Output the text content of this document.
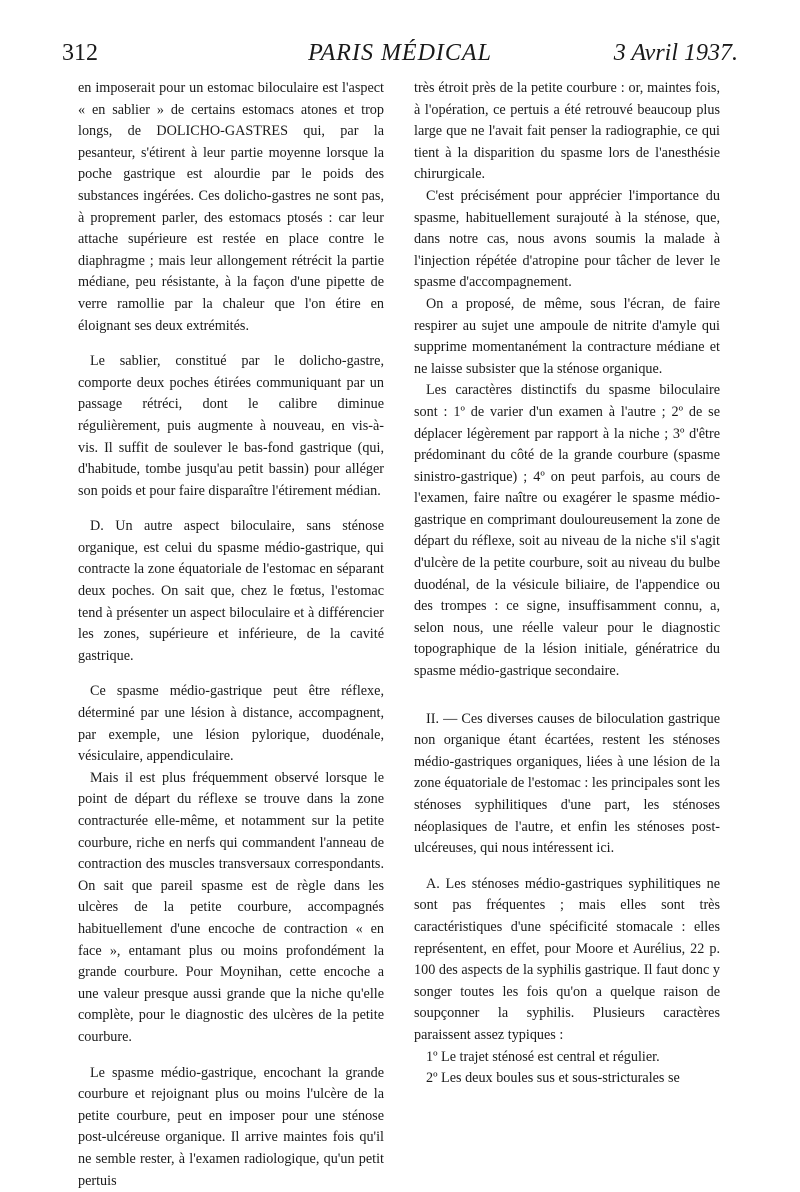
312	PARIS MÉDICAL	3 Avril 1937.

en imposerait pour un estomac biloculaire est l'aspect « en sablier » de certains estomacs atones et trop longs, de DOLICHO-GASTRES qui, par la pesanteur, s'étirent à leur partie moyenne lorsque la poche gastrique est alourdie par le poids des substances ingérées. Ces dolicho-gastres ne sont pas, à proprement parler, des estomacs ptosés : car leur attache supérieure est restée en place contre le diaphragme ; mais leur allongement rétrécit la partie médiane, peu résistante, à la façon d'une pipette de verre ramollie par la chaleur que l'on étire en éloignant ses deux extrémités.

Le sablier, constitué par le dolicho-gastre, comporte deux poches étirées communiquant par un passage rétréci, dont le calibre diminue régulièrement, puis augmente à nouveau, en vis-à-vis. Il suffit de soulever le bas-fond gastrique (qui, d'habitude, tombe jusqu'au petit bassin) pour alléger son poids et pour faire disparaître l'étirement médian.

D. Un autre aspect biloculaire, sans sténose organique, est celui du spasme médio-gastrique, qui contracte la zone équatoriale de l'estomac en séparant deux poches. On sait que, chez le fœtus, l'estomac tend à présenter un aspect biloculaire et à différencier les zones, supérieure et inférieure, de la cavité gastrique.

Ce spasme médio-gastrique peut être réflexe, déterminé par une lésion à distance, accompagnent, par exemple, une lésion pylorique, duodénale, vésiculaire, appendiculaire.

Mais il est plus fréquemment observé lorsque le point de départ du réflexe se trouve dans la zone contracturée elle-même, et notamment sur la petite courbure, riche en nerfs qui commandent l'anneau de contraction des muscles transversaux correspondants. On sait que pareil spasme est de règle dans les ulcères de la petite courbure, accompagnés habituellement d'une encoche de contraction « en face », entamant plus ou moins profondément la grande courbure. Pour Moynihan, cette encoche a une valeur presque aussi grande que la niche qu'elle complète, pour le diagnostic des ulcères de la petite courbure.

Le spasme médio-gastrique, encochant la grande courbure et rejoignant plus ou moins l'ulcère de la petite courbure, peut en imposer pour une sténose post-ulcéreuse organique. Il arrive maintes fois qu'il ne semble rester, à l'examen radiologique, qu'un petit pertuis

très étroit près de la petite courbure : or, maintes fois, à l'opération, ce pertuis a été retrouvé beaucoup plus large que ne l'avait fait penser la radiographie, ce qui tient à la disparition du spasme lors de l'anesthésie chirurgicale.

C'est précisément pour apprécier l'importance du spasme, habituellement surajouté à la sténose, que, dans notre cas, nous avons soumis la malade à l'injection répétée d'atropine pour tâcher de lever le spasme d'accompagnement.

On a proposé, de même, sous l'écran, de faire respirer au sujet une ampoule de nitrite d'amyle qui supprime momentanément la contracture médiane et ne laisse subsister que la sténose organique.

Les caractères distinctifs du spasme biloculaire sont : 1º de varier d'un examen à l'autre ; 2º de se déplacer légèrement par rapport à la niche ; 3º d'être prédominant du côté de la grande courbure (spasme sinistro-gastrique) ; 4º on peut parfois, au cours de l'examen, faire naître ou exagérer le spasme médio-gastrique en comprimant douloureusement la zone de départ du réflexe, soit au niveau de la niche s'il s'agit d'ulcère de la petite courbure, soit au niveau du bulbe duodénal, de la vésicule biliaire, de l'appendice ou des trompes : ce signe, insuffisamment connu, a, selon nous, une réelle valeur pour le diagnostic topographique de la lésion initiale, génératrice du spasme médio-gastrique secondaire.

II. — Ces diverses causes de biloculation gastrique non organique étant écartées, restent les sténoses médio-gastriques organiques, liées à une lésion de la zone équatoriale de l'estomac : les principales sont les sténoses syphilitiques d'une part, les sténoses néoplasiques de l'autre, et enfin les sténoses post-ulcéreuses, qui nous intéressent ici.

A. Les sténoses médio-gastriques syphilitiques ne sont pas fréquentes ; mais elles sont très caractéristiques d'une spécificité stomacale : elles représentent, en effet, pour Moore et Aurélius, 22 p. 100 des aspects de la syphilis gastrique. Il faut donc y songer toutes les fois qu'on a quelque raison de soupçonner la syphilis. Plusieurs caractères paraissent assez typiques :

1º Le trajet sténosé est central et régulier.

2º Les deux boules sus et sous-stricturales se
